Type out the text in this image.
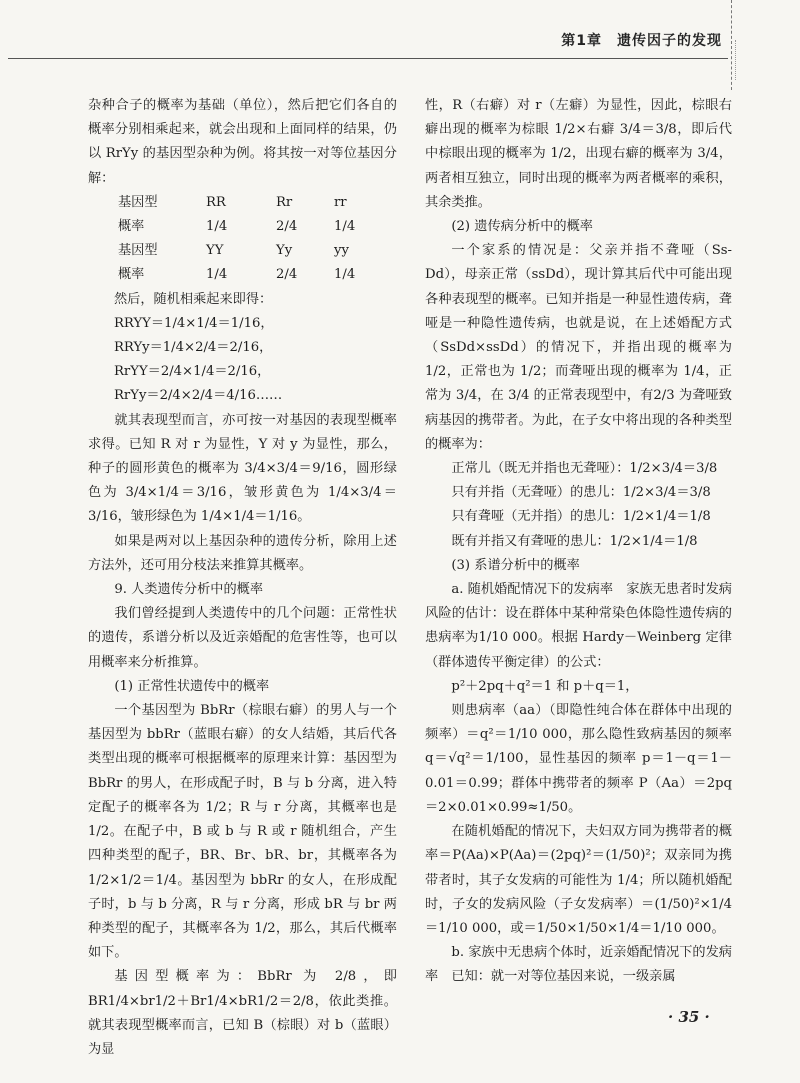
第1章　遗传因子的发现

杂种合子的概率为基础（单位），然后把它们各自的概率分别相乘起来，就会出现和上面同样的结果，仍以 RrYy 的基因型杂种为例。将其按一对等位基因分解：

基因型	RR	Rr	rr
概率	1/4	2/4	1/4
基因型	YY	Yy	yy
概率	1/4	2/4	1/4

然后，随机相乘起来即得：

RRYY＝1/4×1/4＝1/16，

RRYy＝1/4×2/4＝2/16，

RrYY＝2/4×1/4＝2/16，

RrYy＝2/4×2/4＝4/16……

就其表现型而言，亦可按一对基因的表现型概率求得。已知 R 对 r 为显性，Y 对 y 为显性，那么，种子的圆形黄色的概率为 3/4×3/4＝9/16，圆形绿色为 3/4×1/4＝3/16，皱形黄色为 1/4×3/4＝3/16，皱形绿色为 1/4×1/4＝1/16。

如果是两对以上基因杂种的遗传分析，除用上述方法外，还可用分枝法来推算其概率。

9. 人类遗传分析中的概率

我们曾经提到人类遗传中的几个问题：正常性状的遗传，系谱分析以及近亲婚配的危害性等，也可以用概率来分析推算。

(1) 正常性状遗传中的概率

一个基因型为 BbRr（棕眼右癖）的男人与一个基因型为 bbRr（蓝眼右癖）的女人结婚，其后代各类型出现的概率可根据概率的原理来计算：基因型为 BbRr 的男人，在形成配子时，B 与 b 分离，进入特定配子的概率各为 1/2；R 与 r 分离，其概率也是 1/2。在配子中，B 或 b 与 R 或 r 随机组合，产生四种类型的配子，BR、Br、bR、br，其概率各为 1/2×1/2＝1/4。基因型为 bbRr 的女人，在形成配子时，b 与 b 分离，R 与 r 分离，形成 bR 与 br 两种类型的配子，其概率各为 1/2，那么，其后代概率如下。

基因型概率为：BbRr 为 2/8，即 BR1/4×br1/2＋Br1/4×bR1/2＝2/8，依此类推。就其表现型概率而言，已知 B（棕眼）对 b（蓝眼）为显

性，R（右癖）对 r（左癖）为显性，因此，棕眼右癖出现的概率为棕眼 1/2×右癖 3/4＝3/8，即后代中棕眼出现的概率为 1/2，出现右癖的概率为 3/4，两者相互独立，同时出现的概率为两者概率的乘积，其余类推。

(2) 遗传病分析中的概率

一个家系的情况是：父亲并指不聋哑（Ss-Dd），母亲正常（ssDd），现计算其后代中可能出现各种表现型的概率。已知并指是一种显性遗传病，聋哑是一种隐性遗传病，也就是说，在上述婚配方式（SsDd×ssDd）的情况下，并指出现的概率为 1/2，正常也为 1/2；而聋哑出现的概率为 1/4，正常为 3/4，在 3/4 的正常表现型中，有2/3 为聋哑致病基因的携带者。为此，在子女中将出现的各种类型的概率为：

正常儿（既无并指也无聋哑）：1/2×3/4＝3/8

只有并指（无聋哑）的患儿：1/2×3/4＝3/8

只有聋哑（无并指）的患儿：1/2×1/4＝1/8

既有并指又有聋哑的患儿：1/2×1/4＝1/8

(3) 系谱分析中的概率

a. 随机婚配情况下的发病率　家族无患者时发病风险的估计：设在群体中某种常染色体隐性遗传病的患病率为1/10 000。根据 Hardy－Weinberg 定律（群体遗传平衡定律）的公式：

p²＋2pq＋q²＝1 和 p＋q＝1，

则患病率（aa）（即隐性纯合体在群体中出现的频率）＝q²＝1/10 000，那么隐性致病基因的频率 q＝√q²＝1/100，显性基因的频率 p＝1－q＝1－0.01＝0.99；群体中携带者的频率 P（Aa）＝2pq＝2×0.01×0.99≈1/50。

在随机婚配的情况下，夫妇双方同为携带者的概率＝P(Aa)×P(Aa)＝(2pq)²＝(1/50)²；双亲同为携带者时，其子女发病的可能性为 1/4；所以随机婚配时，子女的发病风险（子女发病率）＝(1/50)²×1/4＝1/10 000，或＝1/50×1/50×1/4＝1/10 000。

b. 家族中无患病个体时，近亲婚配情况下的发病率　已知：就一对等位基因来说，一级亲属

· 35 ·
